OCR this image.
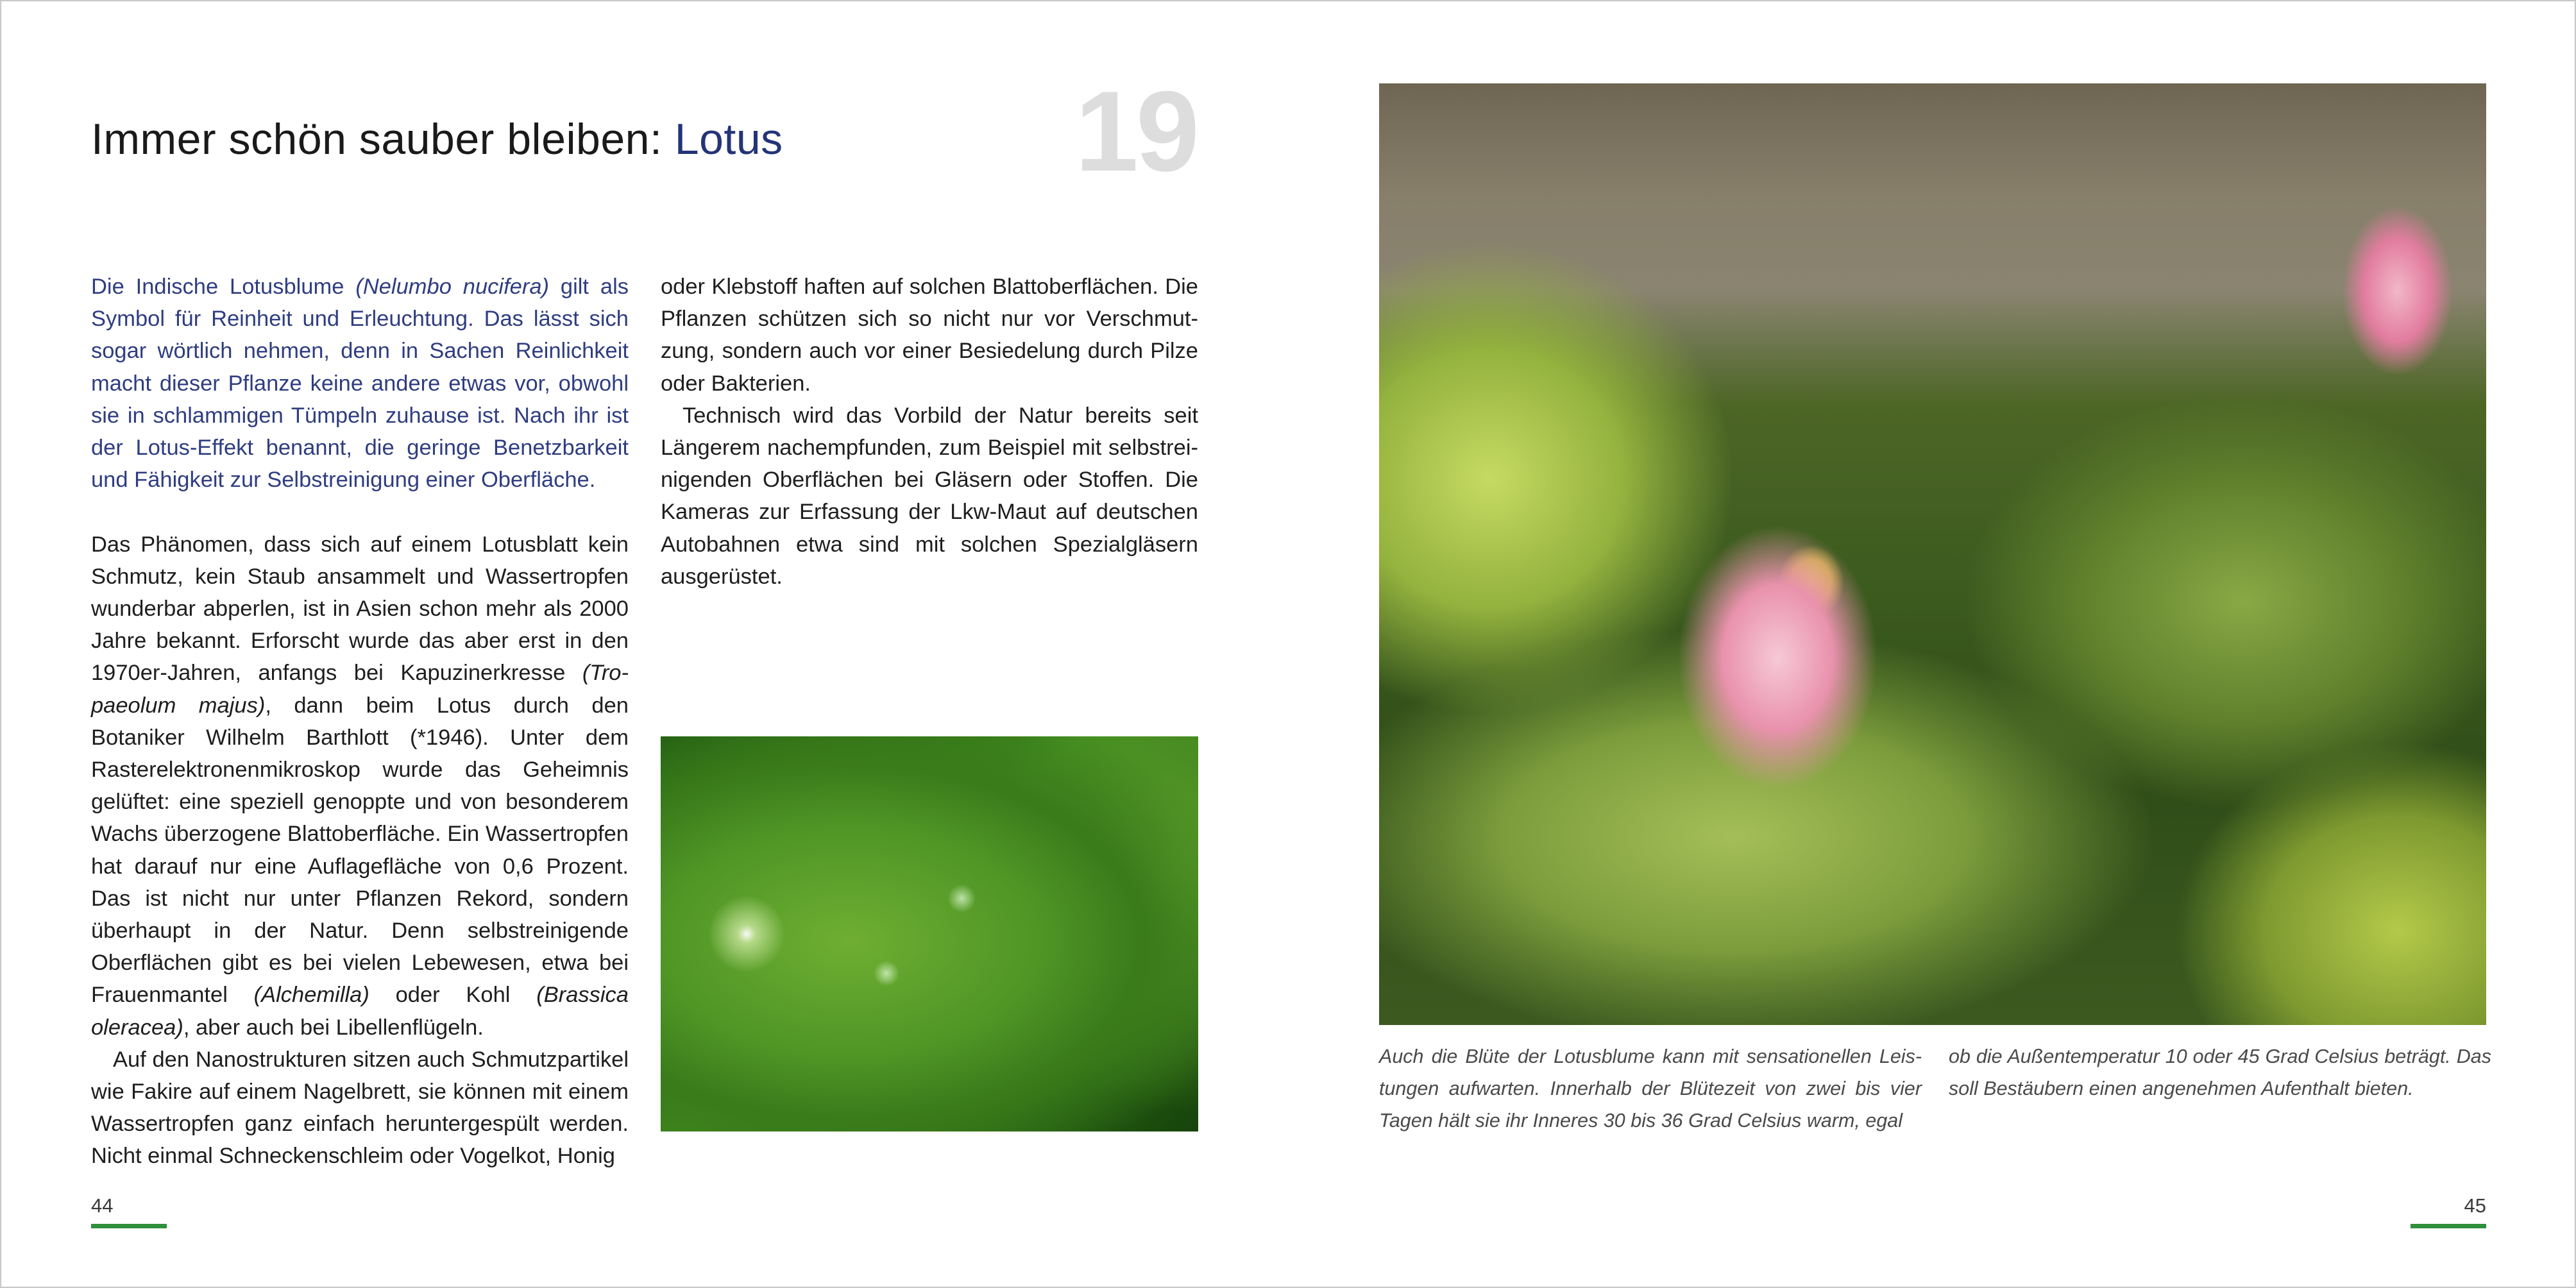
Immer schön sauber bleiben: Lotus	19

Die Indische Lotusblume (Nelumbo nucifera) gilt als Symbol für Reinheit und Erleuchtung. Das lässt sich sogar wörtlich nehmen, denn in Sachen Reinlichkeit macht dieser Pflanze keine andere etwas vor, obwohl sie in schlammigen Tümpeln zuhause ist. Nach ihr ist der Lotus-Effekt benannt, die geringe Benetzbarkeit und Fähigkeit zur Selbstreinigung einer Oberfläche.

Das Phänomen, dass sich auf einem Lotusblatt kein Schmutz, kein Staub ansammelt und Wassertropfen wunderbar abperlen, ist in Asien schon mehr als 2000 Jahre bekannt. Erforscht wurde das aber erst in den 1970er-Jahren, anfangs bei Kapuzinerkresse (Tropaeolum majus), dann beim Lotus durch den Botaniker Wilhelm Barthlott (*1946). Unter dem Rasterelektronenmikroskop wurde das Geheimnis gelüftet: eine speziell genoppte und von besonderem Wachs überzogene Blattoberfläche. Ein Wassertropfen hat darauf nur eine Auflagefläche von 0,6 Prozent. Das ist nicht nur unter Pflanzen Rekord, sondern überhaupt in der Natur. Denn selbstreinigende Oberflächen gibt es bei vielen Lebewesen, etwa bei Frauenmantel (Alchemilla) oder Kohl (Brassica oleracea), aber auch bei Libellenflügeln.

Auf den Nanostrukturen sitzen auch Schmutzpartikel wie Fakire auf einem Nagelbrett, sie können mit einem Wassertropfen ganz einfach heruntergespült werden. Nicht einmal Schneckenschleim oder Vogelkot, Honig

oder Klebstoff haften auf solchen Blattoberflächen. Die Pflanzen schützen sich so nicht nur vor Verschmutzung, sondern auch vor einer Besiedelung durch Pilze oder Bakterien.

Technisch wird das Vorbild der Natur bereits seit Längerem nachempfunden, zum Beispiel mit selbstreinigenden Oberflächen bei Gläsern oder Stoffen. Die Kameras zur Erfassung der Lkw-Maut auf deutschen Autobahnen etwa sind mit solchen Spezialgläsern ausgerüstet.

44
Auch die Blüte der Lotusblume kann mit sensationellen Leistungen aufwarten. Innerhalb der Blütezeit von zwei bis vier Tagen hält sie ihr Inneres 30 bis 36 Grad Celsius warm, egal
ob die Außentemperatur 10 oder 45 Grad Celsius beträgt. Das soll Bestäubern einen angenehmen Aufenthalt bieten.
45
